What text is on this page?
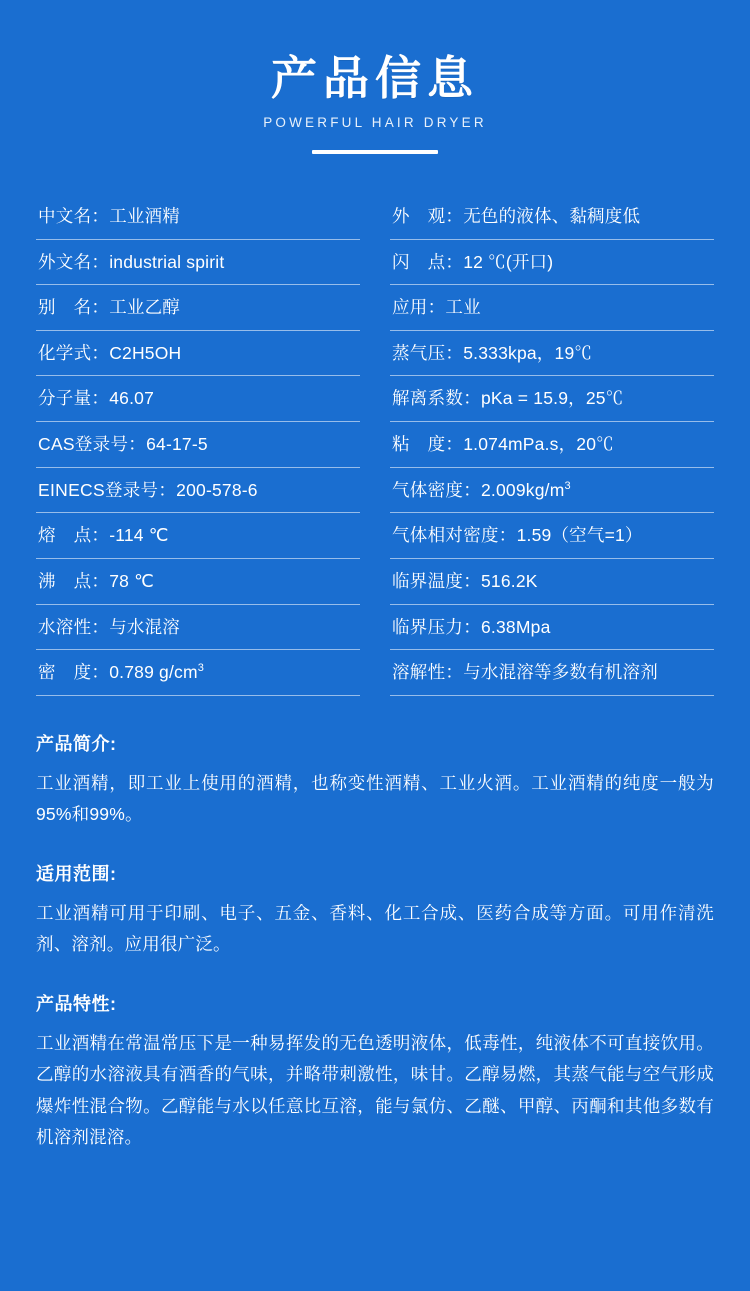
产品信息
POWERFUL HAIR DRYER
中文名：工业酒精
外文名：industrial spirit
别　名：工业乙醇
化学式：C2H5OH
分子量：46.07
CAS登录号：64-17-5
EINECS登录号：200-578-6
熔　点：-114 ℃
沸　点：78 ℃
水溶性：与水混溶
密　度：0.789 $g/cm^3$
外　观：无色的液体、黏稠度低
闪　点：12 ℃(开口)
应用：工业
蒸气压：5.333kpa，19℃
解离系数：pKa = 15.9，25℃
粘　度：1.074mPa.s，20℃
气体密度：$2.009kg/m^3$
气体相对密度：1.59（空气=1）
临界温度：516.2K
临界压力：6.38Mpa
溶解性：与水混溶等多数有机溶剂
产品简介:
工业酒精，即工业上使用的酒精，也称变性酒精、工业火酒。工业酒精的纯度一般为95%和99%。
适用范围:
工业酒精可用于印刷、电子、五金、香料、化工合成、医药合成等方面。可用作清洗剂、溶剂。应用很广泛。
产品特性:
工业酒精在常温常压下是一种易挥发的无色透明液体，低毒性，纯液体不可直接饮用。乙醇的水溶液具有酒香的气味，并略带刺激性，味甘。乙醇易燃，其蒸气能与空气形成爆炸性混合物。乙醇能与水以任意比互溶，能与氯仿、乙醚、甲醇、丙酮和其他多数有机溶剂混溶。
